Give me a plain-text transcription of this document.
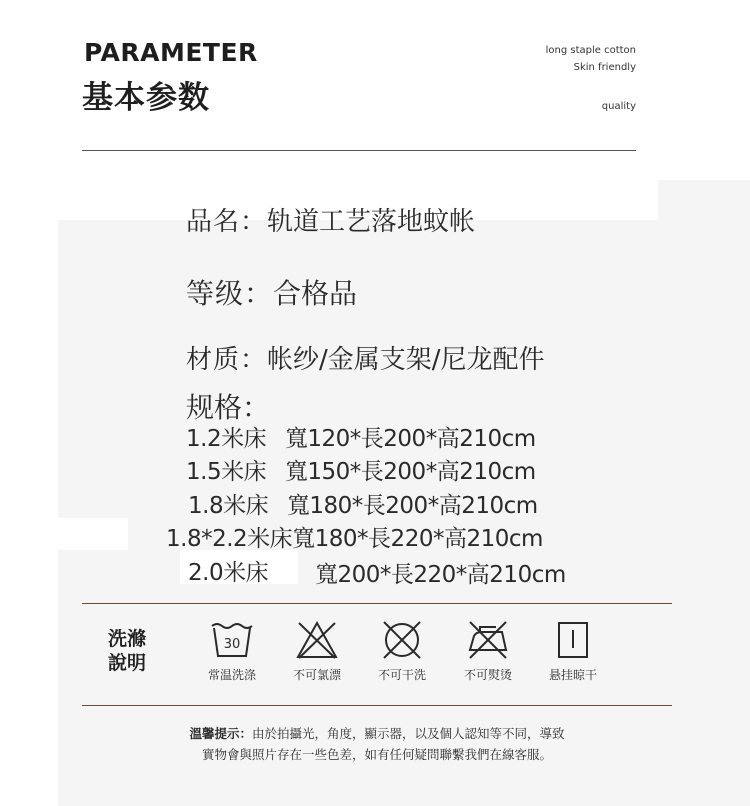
PARAMETER
基本参数
long staple cotton
Skin friendly
quality
品名：轨道工艺落地蚊帐
等级：合格品
材质：帐纱/金属支架/尼龙配件
规格：
1.2米床 寬120*長200*高210cm
1.5米床 寬150*長200*高210cm
1.8米床 寬180*長200*高210cm
1.8*2.2米床寬180*長220*高210cm
2.0米床 寬200*長220*高210cm
洗滌
說明
30
常温洗涤	不可氯漂	不可干洗	不可熨烫	悬挂晾干
溫馨提示：由於拍攝光，角度，顯示器，以及個人認知等不同，導致
實物會與照片存在一些色差，如有任何疑問聯繫我們在線客服。
